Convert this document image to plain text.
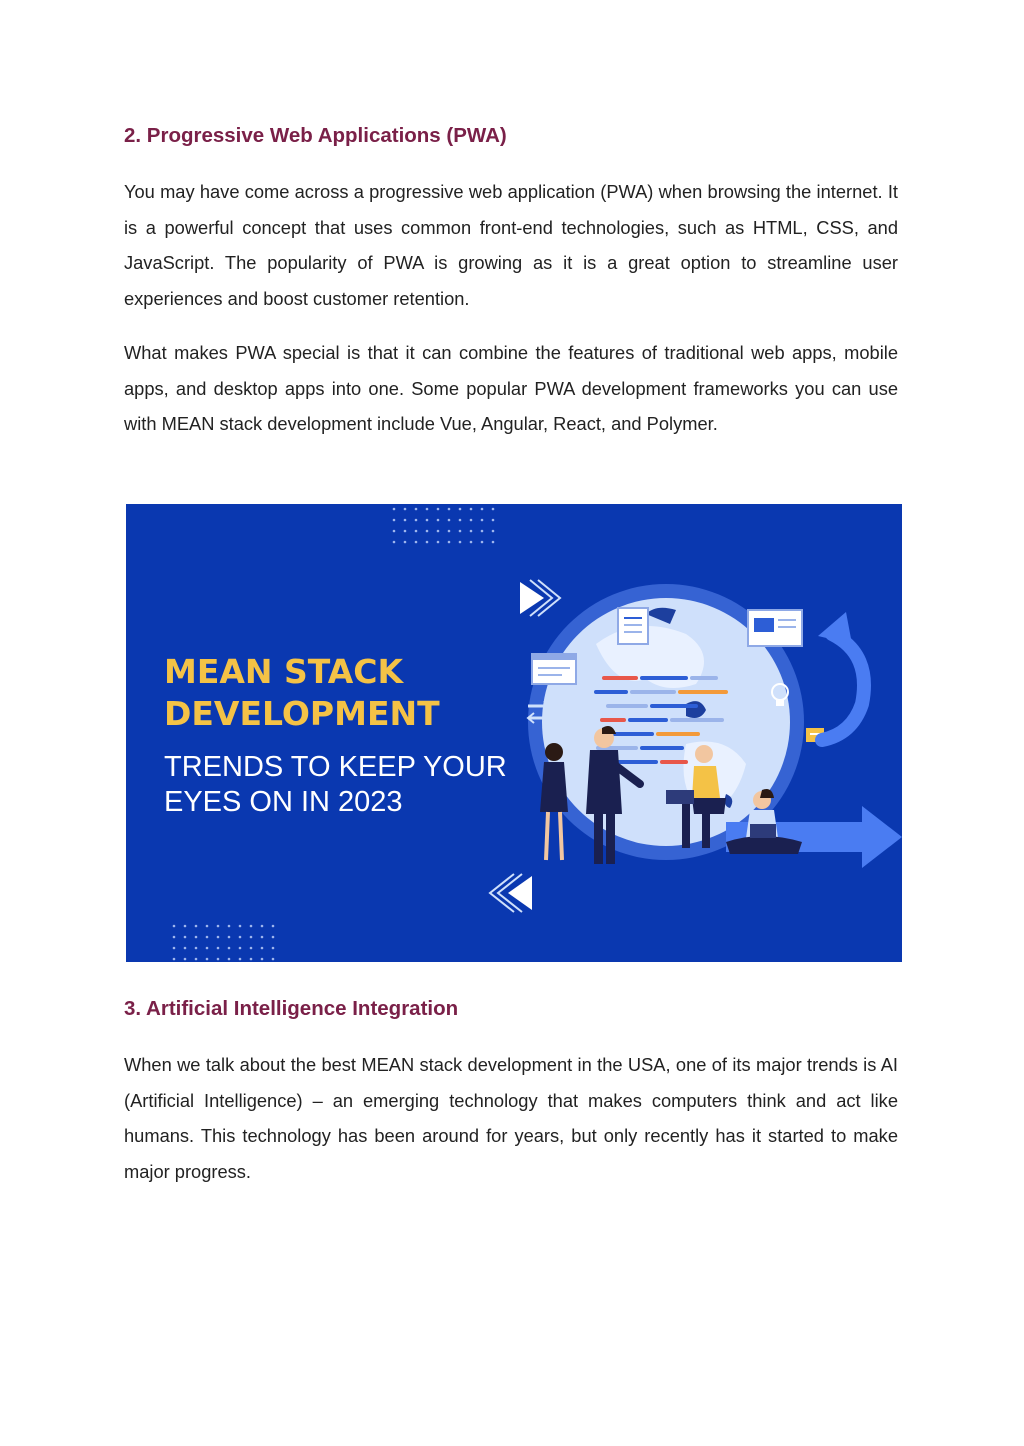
2. Progressive Web Applications (PWA)

You may have come across a progressive web application (PWA) when browsing the internet. It is a powerful concept that uses common front-end technologies, such as HTML, CSS, and JavaScript. The popularity of PWA is growing as it is a great option to streamline user experiences and boost customer retention.

What makes PWA special is that it can combine the features of traditional web apps, mobile apps, and desktop apps into one. Some popular PWA development frameworks you can use with MEAN stack development include Vue, Angular, React, and Polymer.

MEAN STACK
DEVELOPMENT
TRENDS TO KEEP YOUR
EYES ON IN 2023
3. Artificial Intelligence Integration

When we talk about the best MEAN stack development in the USA, one of its major trends is AI (Artificial Intelligence) – an emerging technology that makes computers think and act like humans. This technology has been around for years, but only recently has it started to make major progress.
